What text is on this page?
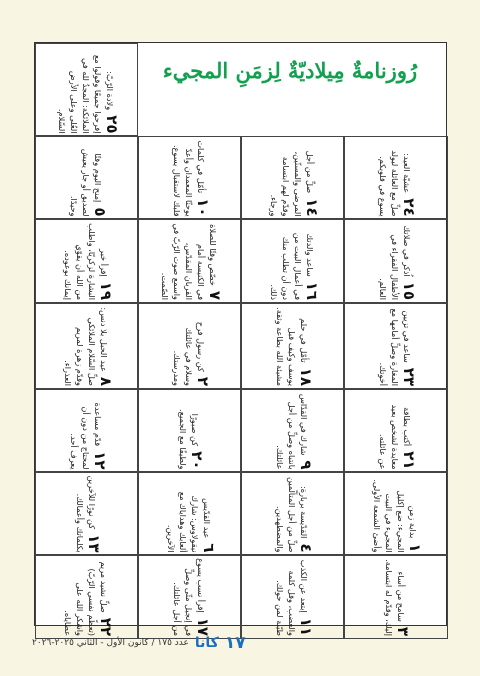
٢٥ولادة الرّبّ: إفرحوا جميعًا وقولوا مع الملائكة: المجدُ لله في العُلى وعلى الأرض السّلام.
٥إمنح اليوم وقتًا لصديق أو جار يعيش وحيدًا.	١٠تأمّل في كلمات يوحنّا المعمدان وأعدّ قلبك لاستقبال يسوع.	١٤صلِّ من أجل المرضى والمسنّين، وقدّم لهم ابتسامة ورجاء.	٢٤عشيّة العيد: صلِّ مع العائلة ليولد يسوع في قلوبكم.
١٩إقرأ خبر البشارة لزكريّا، واطلب من الله أن يقوّي إيمانك بوعوده.	٧خصّص وقتًا للصلاة في الكنيسة أمام القربان المقدّس، واسمع صوت الرّبّ في الصّمت.	١٦ساعد والدتك في أعمال البيت من دون أن تطلب منك ذلك.	١٥اُذكر في صلاتك الأطفال الفقراء في العالم.
٨عيد الحبل بلا دنس: صلِّ السّلام الملائكي وقدّم زهرة لمريم العذراء.	٢كن رسول فرح وسلام في عائلتك ومدرستك.	١٨تأمّل في حلم يوسف وكيف قبل مشيئة الله بطاعة وثقة.	٢٣ساعد في تزيين المغارة وصلِّ أمامها مع أخوتك.
١٢قدّم مساعدة لمحتاج من دون أن يعرف أحد.	٢٠كن صبورًا ولطيفًا مع الجميع.	٩شارك في القدّاس بانتباه وصلِّ من أجل عائلتك.	٢١أكتب بطاقة معايدة لشخص بعيد عن عائلته.
١٣كن نورًا للآخرين بكلماتك وأعمالك.	٦عيد القدّيس نيقولاوس: شارك ألعابك وهداياك مع الآخرين.	٤القدّيسة بربارة: صلِّ من أجل المتألّمين والمضطهدين.	١بداية زمن المجيء: ضع إكليل المجيء في البيت وأضئ الشمعة الأولى.
٢٢صلِّ نشيد مريم (تعظّم نفسي الرّبّ) واشكر الله على عطاياه.	١٧إقرأ نسب يسوع في إنجيل متّى وصلِّ من أجل عائلتك.	١١إبتعد عن الكذب والغضب، وقل كلمة طيّبة لمن حولك.	٣سامح من أساء إليك، وقدّم له ابتسامة.
رُوزنامةٌ مِيلاديّةٌ لِزمَنِ المجيء
١٧
كانا
عدد ١٧٥ / كانون الأول - الثاني ٢٠٢٥-٢٠٢٦
